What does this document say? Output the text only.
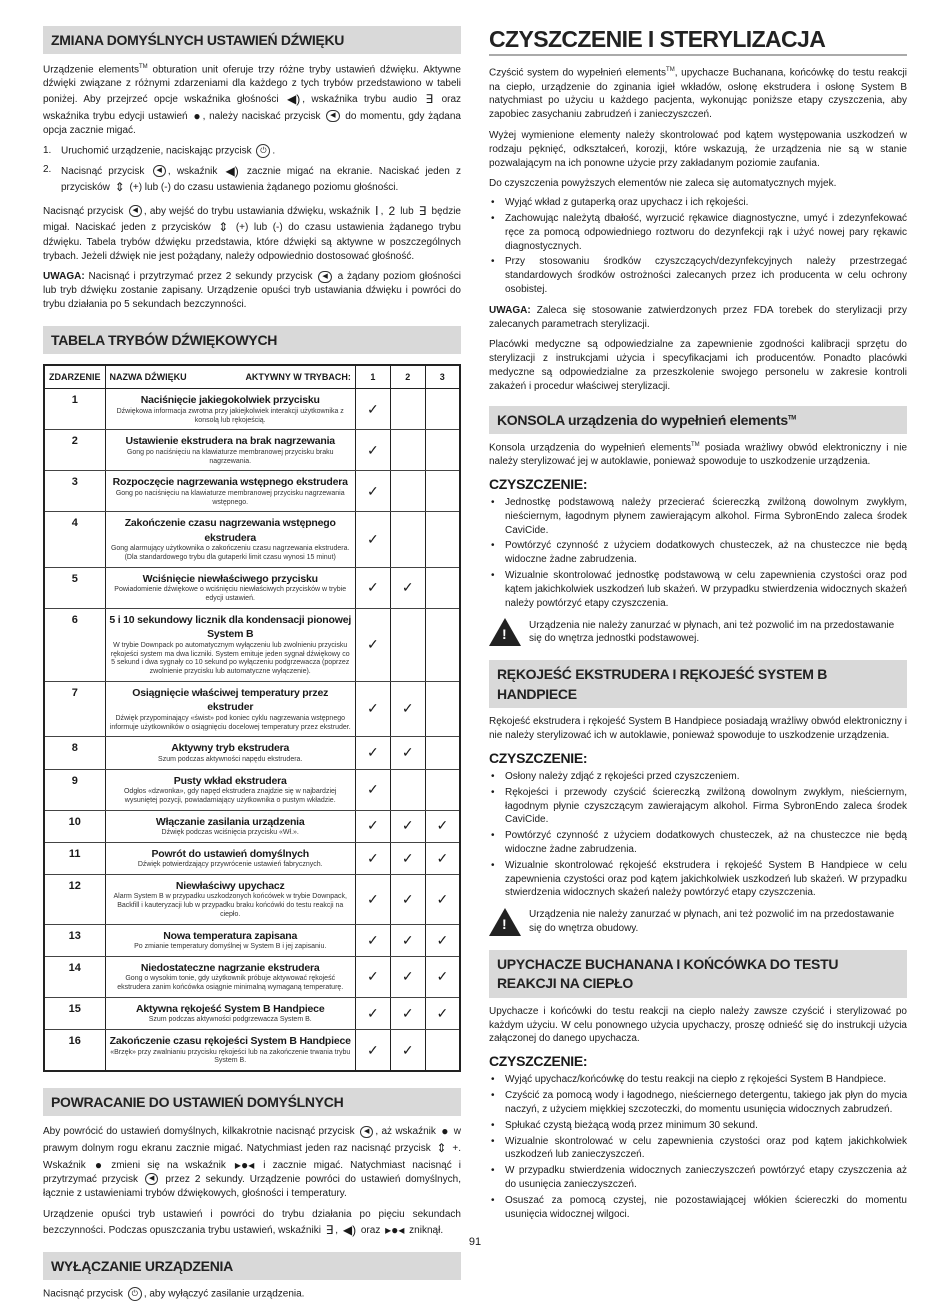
ZMIANA DOMYŚLNYCH USTAWIEŃ DŹWIĘKU

Urządzenie elements™ obturation unit oferuje trzy różne tryby ustawień dźwięku. Aktywne dźwięki związane z różnymi zdarzeniami dla każdego z tych trybów przedstawiono w tabeli poniżej. Aby przejrzeć opcje wskaźnika głośności ◀) , wskaźnika trybu audio ∃ oraz wskaźnika trybu edycji ustawień ● , należy naciskać przycisk ◀ do momentu, gdy żądana opcja zacznie migać.

1. Uruchomić urządzenie, naciskając przycisk ⏻ .
2. Nacisnąć przycisk ◀ , wskaźnik ◀) zacznie migać na ekranie. Naciskać jeden z przycisków ⇕ (+) lub (-) do czasu ustawienia żądanego poziomu głośności.

Nacisnąć przycisk ◀ , aby wejść do trybu ustawiania dźwięku, wskaźnik Ⅰ , 2 lub ∃ będzie migał. Naciskać jeden z przycisków ⇕ (+) lub (-) do czasu ustawienia żądanego trybu dźwięku. Tabela trybów dźwięku przedstawia, które dźwięki są aktywne w poszczególnych trybach. Jeżeli dźwięk nie jest pożądany, należy odpowiednio dostosować głośność.

UWAGA: Nacisnąć i przytrzymać przez 2 sekundy przycisk ◀ a żądany poziom głośności lub tryb dźwięku zostanie zapisany. Urządzenie opuści tryb ustawiania dźwięku i powróci do trybu działania po 5 sekundach bezczynności.

TABELA TRYBÓW DŹWIĘKOWYCH
ZDARZENIE	NAZWA DŹWIĘKU AKTYWNY W TRYBACH:	1	2	3
1	Naciśnięcie jakiegokolwiek przycisku
Dźwiękowa informacja zwrotna przy jakiejkolwiek interakcji użytkownika z konsolą lub rękojeścią.	✓		
2	Ustawienie ekstrudera na brak nagrzewania
Gong po naciśnięciu na klawiaturze membranowej przycisku braku nagrzewania.	✓		
3	Rozpoczęcie nagrzewania wstępnego ekstrudera
Gong po naciśnięciu na klawiaturze membranowej przycisku nagrzewania wstępnego.	✓		
4	Zakończenie czasu nagrzewania wstępnego ekstrudera
Gong alarmujący użytkownika o zakończeniu czasu nagrzewania ekstrudera. (Dla standardowego trybu dla gutaperki limit czasu wynosi 15 minut)	✓		
5	Wciśnięcie niewłaściwego przycisku
Powiadomienie dźwiękowe o wciśnięciu niewłaściwych przycisków w trybie edycji ustawień.	✓	✓	
6	5 i 10 sekundowy licznik dla kondensacji pionowej System B
W trybie Downpack po automatycznym wyłączeniu lub zwolnieniu przycisku rękojeści system ma dwa liczniki. System emituje jeden sygnał dźwiękowy co 5 sekund i dwa sygnały co 10 sekund po wyłączeniu podgrzewacza (poprzez zwolnienie przycisku lub automatyczne wyłączenie).	✓		
7	Osiągnięcie właściwej temperatury przez ekstruder
Dźwięk przypominający «świst» pod koniec cyklu nagrzewania wstępnego informuje użytkowników o osiągnięciu docelowej temperatury przez ekstruder.	✓	✓	
8	Aktywny tryb ekstrudera
Szum podczas aktywności napędu ekstrudera.	✓	✓	
9	Pusty wkład ekstrudera
Odgłos «dzwonka», gdy napęd ekstrudera znajdzie się w najbardziej wysuniętej pozycji, powiadamiający użytkownika o pustym wkładzie.	✓		
10	Włączanie zasilania urządzenia
Dźwięk podczas wciśnięcia przycisku «Wł.».	✓	✓	✓
11	Powrót do ustawień domyślnych
Dźwięk potwierdzający przywrócenie ustawień fabrycznych.	✓	✓	✓
12	Niewłaściwy upychacz
Alarm System B w przypadku uszkodzonych końcówek w trybie Downpack, Backfill i kauteryzacji lub w przypadku braku końcówki do testu reakcji na ciepło.	✓	✓	✓
13	Nowa temperatura zapisana
Po zmianie temperatury domyślnej w System B i jej zapisaniu.	✓	✓	✓
14	Niedostateczne nagrzanie ekstrudera
Gong o wysokim tonie, gdy użytkownik próbuje aktywować rękojeść ekstrudera zanim końcówka osiągnie minimalną wymaganą temperaturę.	✓	✓	✓
15	Aktywna rękojeść System B Handpiece
Szum podczas aktywności podgrzewacza System B.	✓	✓	✓
16	Zakończenie czasu rękojeści System B Handpiece
«Brzęk» przy zwalnianiu przycisku rękojeści lub na zakończenie trwania trybu System B.	✓	✓	
POWRACANIE DO USTAWIEŃ DOMYŚLNYCH

Aby powrócić do ustawień domyślnych, kilkakrotnie nacisnąć przycisk ◀ , aż wskaźnik ● w prawym dolnym rogu ekranu zacznie migać. Natychmiast jeden raz nacisnąć przycisk ⇕ +. Wskaźnik ● zmieni się na wskaźnik ▸●◂ i zacznie migać. Natychmiast nacisnąć i przytrzymać przycisk ◀ przez 2 sekundy. Urządzenie powróci do ustawień domyślnych, łącznie z ustawieniami trybów dźwiękowych, głośności i temperatury.

Urządzenie opuści tryb ustawień i powróci do trybu działania po pięciu sekundach bezczynności. Podczas opuszczania trybu ustawień, wskaźniki ∃ , ◀) oraz ▸●◂ zniknął.

WYŁĄCZANIE URZĄDZENIA

Nacisnąć przycisk ⏻ , aby wyłączyć zasilanie urządzenia.

CZYSZCZENIE I STERYLIZACJA

Czyścić system do wypełnień elements™, upychacze Buchanana, końcówkę do testu reakcji na ciepło, urządzenie do zginania igieł wkładów, osłonę ekstrudera i osłonę System B natychmiast po użyciu u każdego pacjenta, wykonując poniższe etapy czyszczenia, aby zapobiec zasychaniu zabrudzeń i zanieczyszczeń.

Wyżej wymienione elementy należy skontrolować pod kątem występowania uszkodzeń w rodzaju pęknięć, odkształceń, korozji, które wskazują, że urządzenia nie są w stanie pozwalającym na ich ponowne użycie przy zakładanym poziomie zaufania.

Do czyszczenia powyższych elementów nie zaleca się automatycznych myjek.

• Wyjąć wkład z gutaperką oraz upychacz i ich rękojeści.
• Zachowując należytą dbałość, wyrzucić rękawice diagnostyczne, umyć i zdezynfekować ręce za pomocą odpowiedniego roztworu do dezynfekcji rąk i użyć nowej pary rękawic diagnostycznych.
• Przy stosowaniu środków czyszczących/dezynfekcyjnych należy przestrzegać standardowych środków ostrożności zalecanych przez ich producenta w celu ochrony osobistej.

UWAGA: Zaleca się stosowanie zatwierdzonych przez FDA torebek do sterylizacji przy zalecanych parametrach sterylizacji.

Placówki medyczne są odpowiedzialne za zapewnienie zgodności kalibracji sprzętu do sterylizacji z instrukcjami użycia i specyfikacjami ich producentów. Ponadto placówki medyczne są odpowiedzialne za przeszkolenie swojego personelu w zakresie kontroli zakażeń i procedur właściwej sterylizacji.

KONSOLA urządzenia do wypełnień elements™

Konsola urządzenia do wypełnień elements™ posiada wrażliwy obwód elektroniczny i nie należy sterylizować jej w autoklawie, ponieważ spowoduje to uszkodzenie urządzenia.

CZYSZCZENIE:
• Jednostkę podstawową należy przecierać ściereczką zwilżoną dowolnym zwykłym, nieściernym, łagodnym płynem zawierającym alkohol. Firma SybronEndo zaleca środek CaviCide.
• Powtórzyć czynność z użyciem dodatkowych chusteczek, aż na chusteczce nie będą widoczne żadne zabrudzenia.
• Wizualnie skontrolować jednostkę podstawową w celu zapewnienia czystości oraz pod kątem jakichkolwiek uszkodzeń lub skażeń. W przypadku stwierdzenia widocznych skażeń należy powtórzyć etapy czyszczenia.
!
Urządzenia nie należy zanurzać w płynach, ani też pozwolić im na przedostawanie się do wnętrza jednostki podstawowej.
RĘKOJEŚĆ EKSTRUDERA I RĘKOJEŚĆ SYSTEM B HANDPIECE

Rękojeść ekstrudera i rękojeść System B Handpiece posiadają wrażliwy obwód elektroniczny i nie należy sterylizować ich w autoklawie, ponieważ spowoduje to uszkodzenie urządzenia.

CZYSZCZENIE:
• Osłony należy zdjąć z rękojeści przed czyszczeniem.
• Rękojeści i przewody czyścić ściereczką zwilżoną dowolnym zwykłym, nieściernym, łagodnym płynie czyszczącym zawierającym alkohol. Firma SybronEndo zaleca środek CaviCide.
• Powtórzyć czynność z użyciem dodatkowych chusteczek, aż na chusteczce nie będą widoczne żadne zabrudzenia.
• Wizualnie skontrolować rękojeść ekstrudera i rękojeść System B Handpiece w celu zapewnienia czystości oraz pod kątem jakichkolwiek uszkodzeń lub skażeń. W przypadku stwierdzenia widocznych skażeń należy powtórzyć etapy czyszczenia.
!
Urządzenia nie należy zanurzać w płynach, ani też pozwolić im na przedostawanie się do wnętrza obudowy.
UPYCHACZE BUCHANANA I KOŃCÓWKA DO TESTU REAKCJI NA CIEPŁO

Upychacze i końcówki do testu reakcji na ciepło należy zawsze czyścić i sterylizować po każdym użyciu. W celu ponownego użycia upychaczy, proszę odnieść się do instrukcji użycia załączonej do danego upychacza.

CZYSZCZENIE:
• Wyjąć upychacz/końcówkę do testu reakcji na ciepło z rękojeści System B Handpiece.
• Czyścić za pomocą wody i łagodnego, nieściernego detergentu, takiego jak płyn do mycia naczyń, z użyciem miękkiej szczoteczki, do momentu usunięcia widocznych zabrudzeń.
• Spłukać czystą bieżącą wodą przez minimum 30 sekund.
• Wizualnie skontrolować w celu zapewnienia czystości oraz pod kątem jakichkolwiek uszkodzeń lub zanieczyszczeń.
• W przypadku stwierdzenia widocznych zanieczyszczeń powtórzyć etapy czyszczenia aż do usunięcia zanieczyszczeń.
• Osuszać za pomocą czystej, nie pozostawiającej włókien ściereczki do momentu usunięcia widocznej wilgoci.
91
